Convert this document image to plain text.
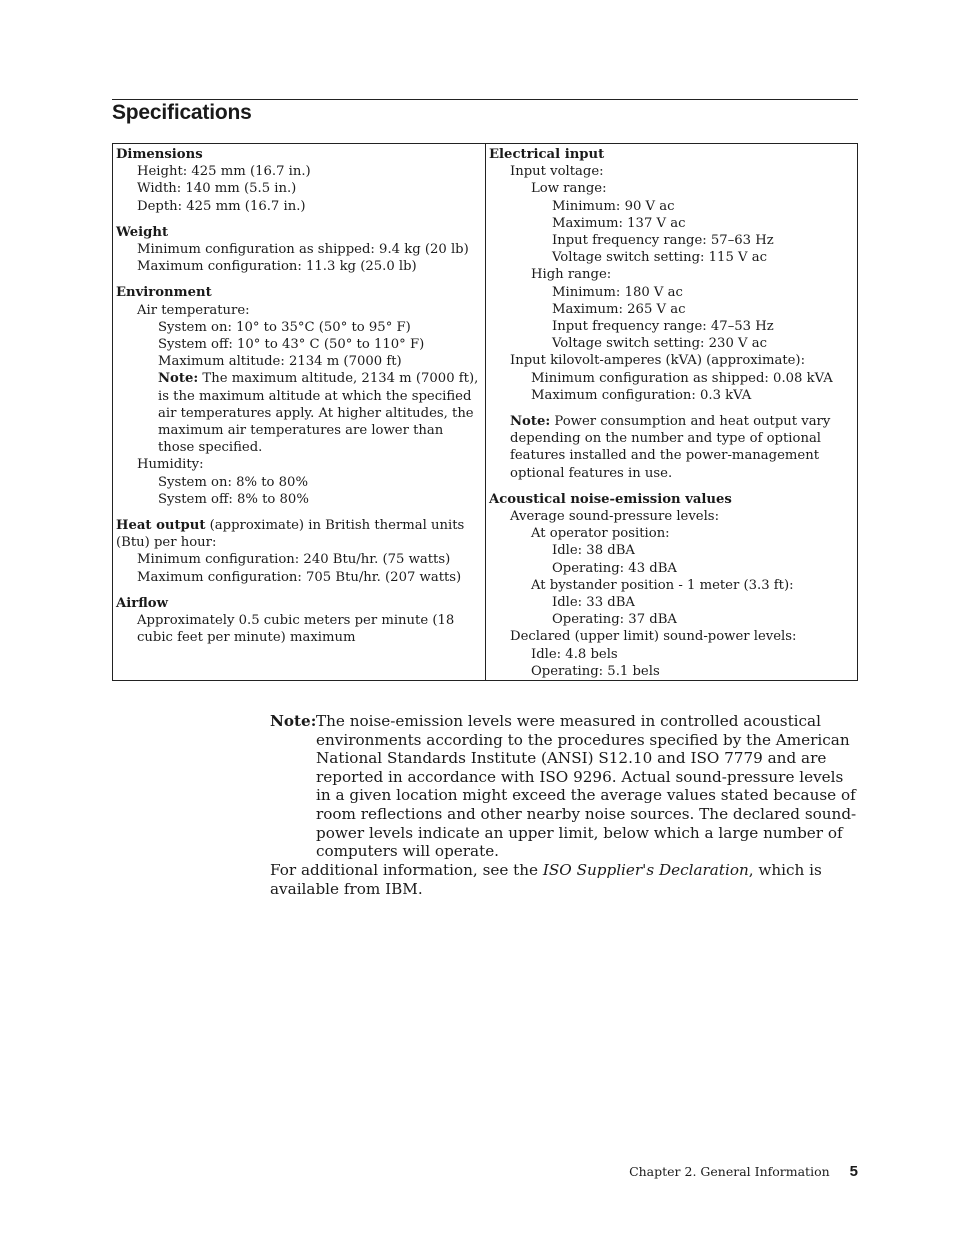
Specifications
Dimensions
Height: 425 mm (16.7 in.)
Width: 140 mm (5.5 in.)
Depth: 425 mm (16.7 in.)
Weight
Minimum configuration as shipped: 9.4 kg (20 lb)
Maximum configuration: 11.3 kg (25.0 lb)
Environment
Air temperature:
System on: 10° to 35°C (50° to 95° F)
System off: 10° to 43° C (50° to 110° F)
Maximum altitude: 2134 m (7000 ft)
Note: The maximum altitude, 2134 m (7000 ft), is the maximum altitude at which the specified air temperatures apply. At higher altitudes, the maximum air temperatures are lower than those specified.
Humidity:
System on: 8% to 80%
System off: 8% to 80%
Heat output (approximate) in British thermal units (Btu) per hour:
Minimum configuration: 240 Btu/hr. (75 watts)
Maximum configuration: 705 Btu/hr. (207 watts)
Airflow
Approximately 0.5 cubic meters per minute (18 cubic feet per minute) maximum
Electrical input
Input voltage:
Low range:
Minimum: 90 V ac
Maximum: 137 V ac
Input frequency range: 57–63 Hz
Voltage switch setting: 115 V ac
High range:
Minimum: 180 V ac
Maximum: 265 V ac
Input frequency range: 47–53 Hz
Voltage switch setting: 230 V ac
Input kilovolt-amperes (kVA) (approximate):
Minimum configuration as shipped: 0.08 kVA
Maximum configuration: 0.3 kVA
Note: Power consumption and heat output vary depending on the number and type of optional features installed and the power-management optional features in use.
Acoustical noise-emission values
Average sound-pressure levels:
At operator position:
Idle: 38 dBA
Operating: 43 dBA
At bystander position - 1 meter (3.3 ft):
Idle: 33 dBA
Operating: 37 dBA
Declared (upper limit) sound-power levels:
Idle: 4.8 bels
Operating: 5.1 bels
Note: The noise-emission levels were measured in controlled acoustical environments according to the procedures specified by the American National Standards Institute (ANSI) S12.10 and ISO 7779 and are reported in accordance with ISO 9296. Actual sound-pressure levels in a given location might exceed the average values stated because of room reflections and other nearby noise sources. The declared sound-power levels indicate an upper limit, below which a large number of computers will operate.

For additional information, see the ISO Supplier's Declaration, which is available from IBM.

Chapter 2. General Information 5
